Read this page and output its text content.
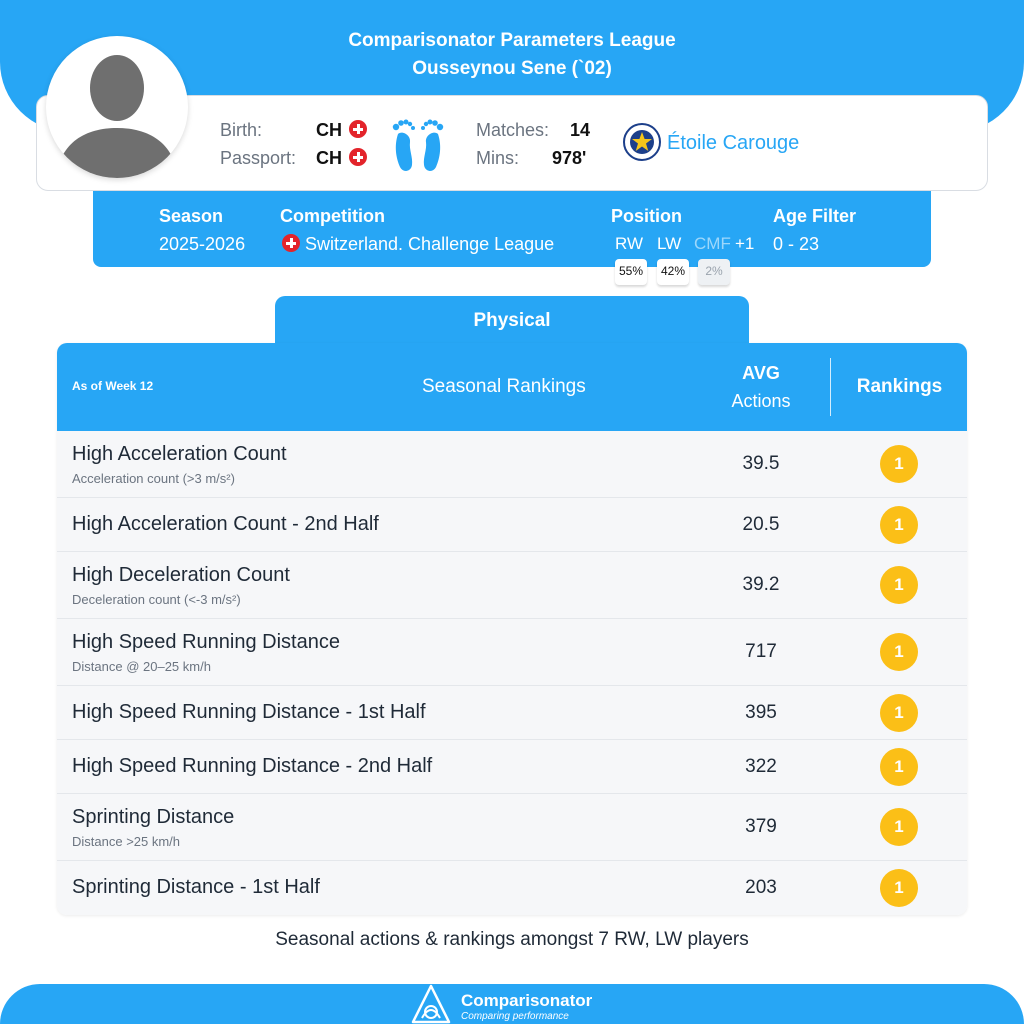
Comparisonator Parameters League
Ousseynou Sene (`02)
Birth:	CH
Passport: CH
Matches: 14
Mins: 978'
Étoile Carouge
Season
2025-2026
Competition
Switzerland. Challenge League
Position
RW LW CMF +1
Age Filter
0 - 23
55%	42%	2%
Physical
As of Week 12	Seasonal Rankings
AVG
Actions
Rankings
High Acceleration Count
Acceleration count (>3 m/s²)
39.5	1
High Acceleration Count - 2nd Half	20.5	1
High Deceleration Count
Deceleration count (<-3 m/s²)
39.2	1
High Speed Running Distance
Distance @ 20–25 km/h
717	1
High Speed Running Distance - 1st Half	395	1
High Speed Running Distance - 2nd Half	322	1
Sprinting Distance
Distance >25 km/h
379	1
Sprinting Distance - 1st Half	203	1
Seasonal actions & rankings amongst 7 RW, LW players
Comparisonator
Comparing performance
